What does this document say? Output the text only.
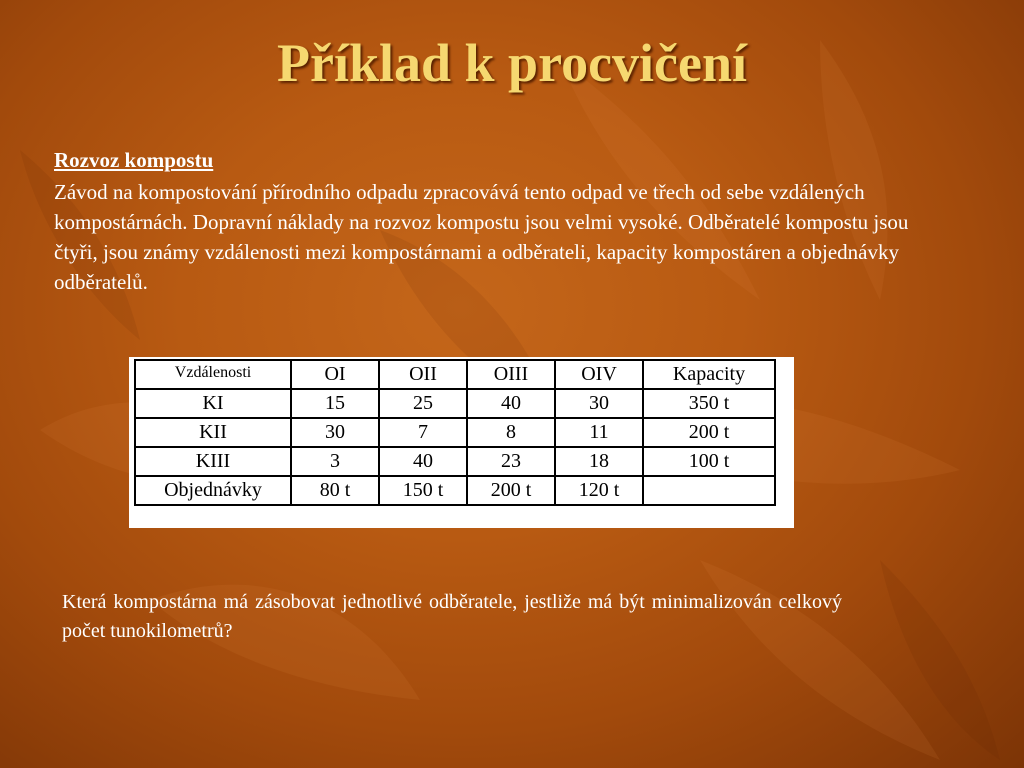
Příklad k procvičení
Rozvoz kompostu
Závod na kompostování přírodního odpadu zpracovává tento odpad ve třech od sebe vzdálených kompostárnách. Dopravní náklady na rozvoz kompostu jsou velmi vysoké. Odběratelé kompostu jsou čtyři, jsou známy vzdálenosti mezi kompostárnami a odběrateli, kapacity kompostáren a objednávky odběratelů.
Vzdálenosti	OI	OII	OIII	OIV	Kapacity
KI	15	25	40	30	350 t
KII	30	7	8	11	200 t
KIII	3	40	23	18	100 t
Objednávky	80 t	150 t	200 t	120 t	
Která kompostárna má zásobovat jednotlivé odběratele, jestliže má být minimalizován celkový počet tunokilometrů?
